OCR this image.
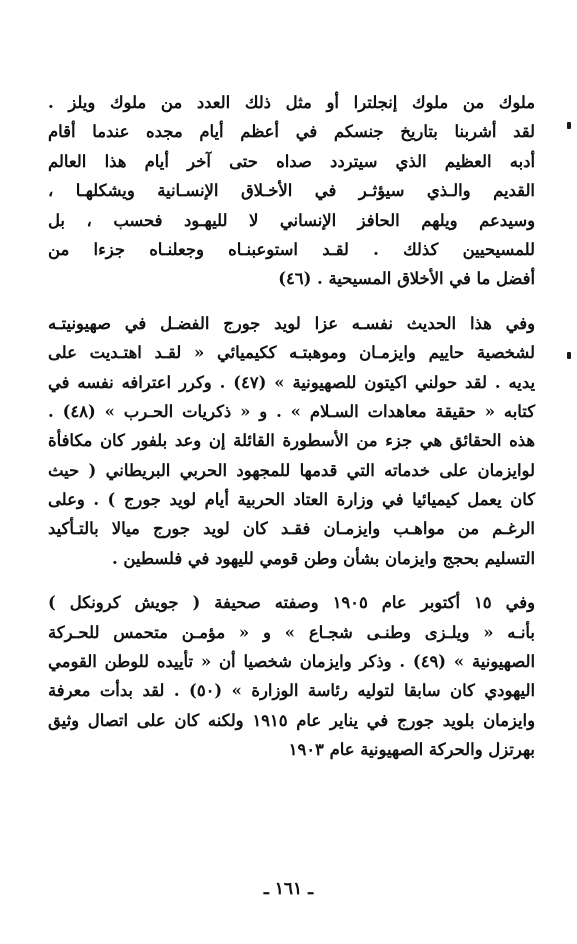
ملوك من ملوك إنجلترا أو مثل ذلك العدد من ملوك ويلز .
لقد أشربنا بتاريخ جنسكم في أعظم أيام مجده عندما أقام
أدبه العظيم الذي سيتردد صداه حتى آخر أيام هذا العالم
القديم والـذي سيؤثـر في الأخـلاق الإنسـانية ويشكلهـا ،
وسيدعم ويلهم الحافز الإنساني لا لليهـود فحسب ، بل
للمسيحيين كذلك . لقـد استوعبنـاه وجعلنـاه جزءا من
أفضل ما في الأخلاق المسيحية . (٤٦)

وفي هذا الحديث نفسـه عزا لويد جورج الفضـل في صهيونيتـه
لشخصية حاييم وايزمـان وموهبتـه ككيميائي « لقـد اهتـديت على
يديه . لقد حولني اكيتون للصهيونية » (٤٧) . وكرر اعترافه نفسه في
كتابه « حقيقة معاهدات السـلام » . و « ذكريات الحـرب » (٤٨) .
هذه الحقائق هي جزء من الأسطورة القائلة إن وعد بلفور كان مكافأة
لوايزمان على خدماته التي قدمها للمجهود الحربي البريطاني ( حيث
كان يعمل كيميائيا في وزارة العتاد الحربية أيام لويد جورج ) . وعلى
الرغـم من مواهـب وايزمـان فقـد كان لويد جورج ميالا بالتـأكيد
التسليم بحجج وايزمان بشأن وطن قومي لليهود في فلسطين .

وفي ١٥ أكتوبر عام ١٩٠٥ وصفته صحيفة ( جويش كرونكل )
بأنـه « ويلـزى وطنـى شجـاع » و « مؤمـن متحمس للحـركة
الصهيونية » (٤٩) . وذكر وايزمان شخصيا أن « تأييده للوطن القومي
اليهودي كان سابقا لتوليه رئاسة الوزارة » (٥٠) . لقد بدأت معرفة
وايزمان بلويد جورج في يناير عام ١٩١٥ ولكنه كان على اتصال وثيق
بهرتزل والحركة الصهيونية عام ١٩٠٣

ـ ١٦١ ـ
